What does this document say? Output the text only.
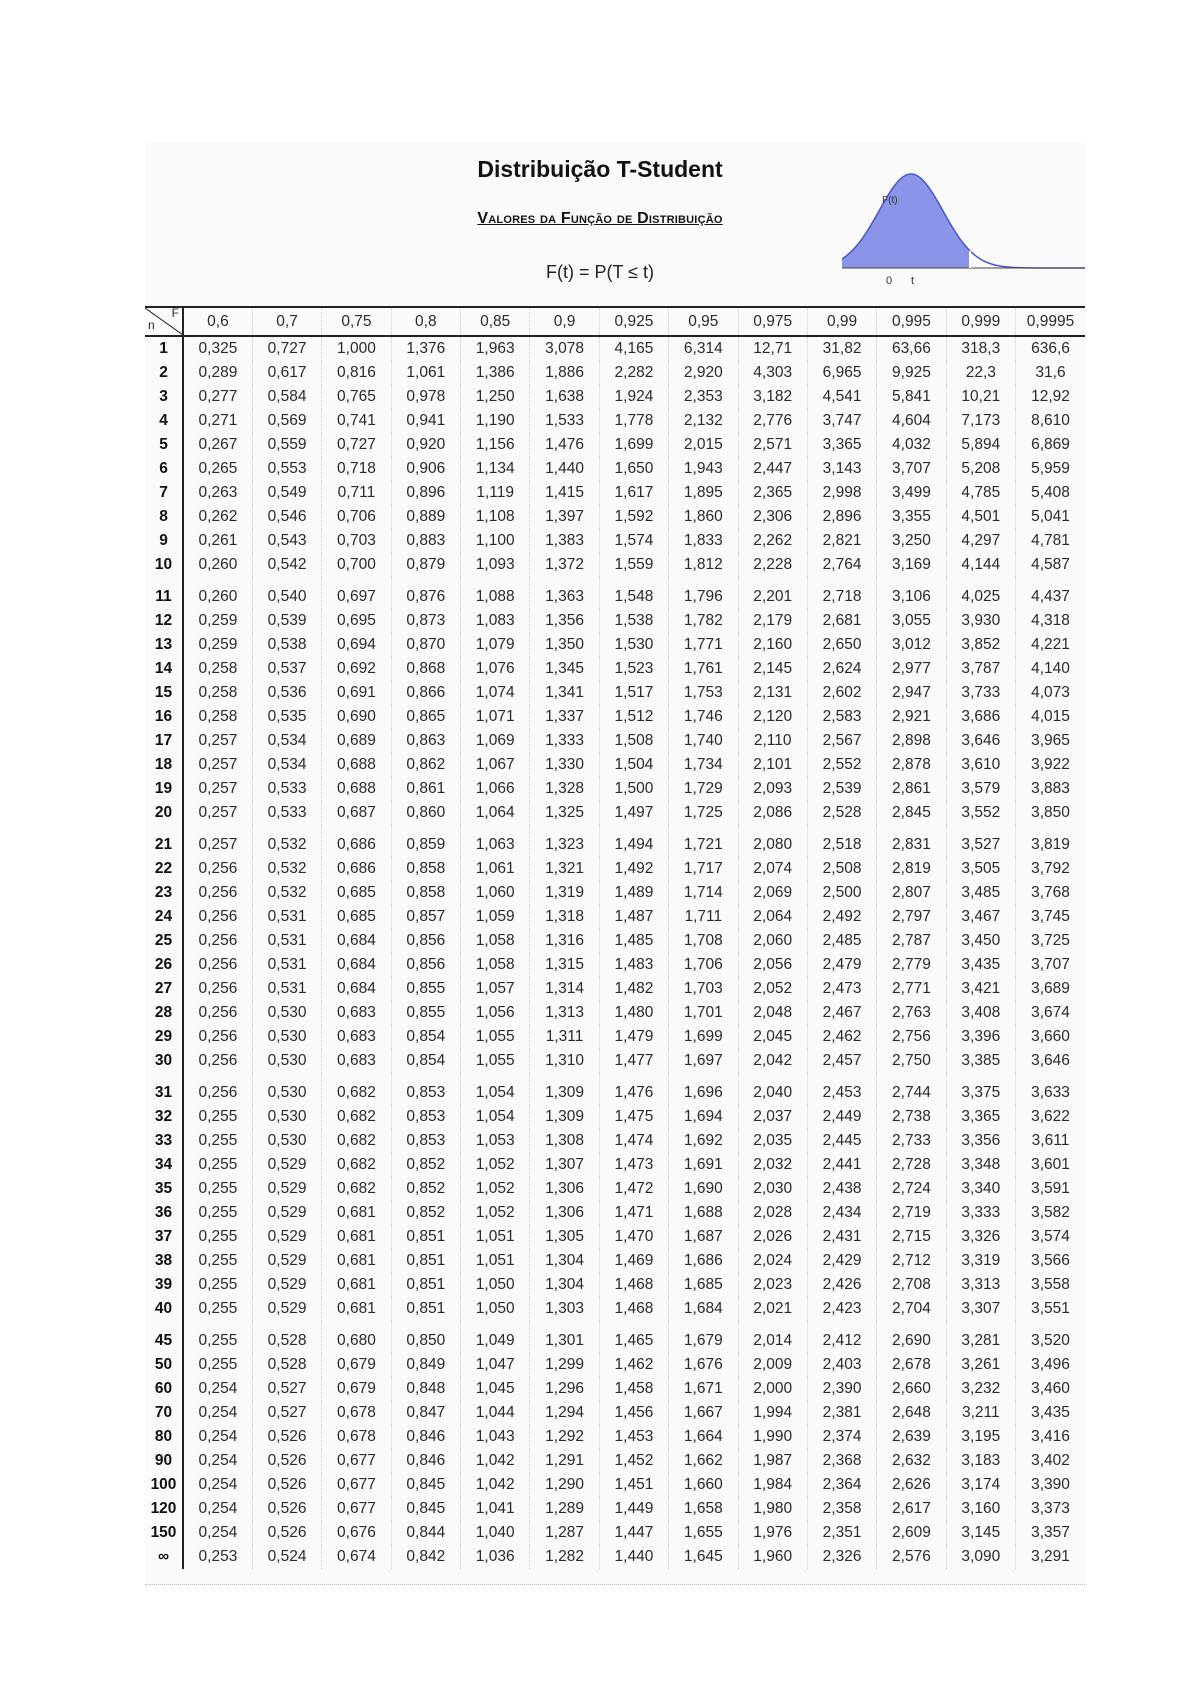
Distribuição T-Student
Valores da Função de Distribuição
F(t) = P(T ≤ t)
F(t)
0 t
F
n	0,6	0,7	0,75	0,8	0,85	0,9	0,925	0,95	0,975	0,99	0,995	0,999	0,9995
1	0,325	0,727	1,000	1,376	1,963	3,078	4,165	6,314	12,71	31,82	63,66	318,3	636,6
2	0,289	0,617	0,816	1,061	1,386	1,886	2,282	2,920	4,303	6,965	9,925	22,3	31,6
3	0,277	0,584	0,765	0,978	1,250	1,638	1,924	2,353	3,182	4,541	5,841	10,21	12,92
4	0,271	0,569	0,741	0,941	1,190	1,533	1,778	2,132	2,776	3,747	4,604	7,173	8,610
5	0,267	0,559	0,727	0,920	1,156	1,476	1,699	2,015	2,571	3,365	4,032	5,894	6,869
6	0,265	0,553	0,718	0,906	1,134	1,440	1,650	1,943	2,447	3,143	3,707	5,208	5,959
7	0,263	0,549	0,711	0,896	1,119	1,415	1,617	1,895	2,365	2,998	3,499	4,785	5,408
8	0,262	0,546	0,706	0,889	1,108	1,397	1,592	1,860	2,306	2,896	3,355	4,501	5,041
9	0,261	0,543	0,703	0,883	1,100	1,383	1,574	1,833	2,262	2,821	3,250	4,297	4,781
10	0,260	0,542	0,700	0,879	1,093	1,372	1,559	1,812	2,228	2,764	3,169	4,144	4,587
11	0,260	0,540	0,697	0,876	1,088	1,363	1,548	1,796	2,201	2,718	3,106	4,025	4,437
12	0,259	0,539	0,695	0,873	1,083	1,356	1,538	1,782	2,179	2,681	3,055	3,930	4,318
13	0,259	0,538	0,694	0,870	1,079	1,350	1,530	1,771	2,160	2,650	3,012	3,852	4,221
14	0,258	0,537	0,692	0,868	1,076	1,345	1,523	1,761	2,145	2,624	2,977	3,787	4,140
15	0,258	0,536	0,691	0,866	1,074	1,341	1,517	1,753	2,131	2,602	2,947	3,733	4,073
16	0,258	0,535	0,690	0,865	1,071	1,337	1,512	1,746	2,120	2,583	2,921	3,686	4,015
17	0,257	0,534	0,689	0,863	1,069	1,333	1,508	1,740	2,110	2,567	2,898	3,646	3,965
18	0,257	0,534	0,688	0,862	1,067	1,330	1,504	1,734	2,101	2,552	2,878	3,610	3,922
19	0,257	0,533	0,688	0,861	1,066	1,328	1,500	1,729	2,093	2,539	2,861	3,579	3,883
20	0,257	0,533	0,687	0,860	1,064	1,325	1,497	1,725	2,086	2,528	2,845	3,552	3,850
21	0,257	0,532	0,686	0,859	1,063	1,323	1,494	1,721	2,080	2,518	2,831	3,527	3,819
22	0,256	0,532	0,686	0,858	1,061	1,321	1,492	1,717	2,074	2,508	2,819	3,505	3,792
23	0,256	0,532	0,685	0,858	1,060	1,319	1,489	1,714	2,069	2,500	2,807	3,485	3,768
24	0,256	0,531	0,685	0,857	1,059	1,318	1,487	1,711	2,064	2,492	2,797	3,467	3,745
25	0,256	0,531	0,684	0,856	1,058	1,316	1,485	1,708	2,060	2,485	2,787	3,450	3,725
26	0,256	0,531	0,684	0,856	1,058	1,315	1,483	1,706	2,056	2,479	2,779	3,435	3,707
27	0,256	0,531	0,684	0,855	1,057	1,314	1,482	1,703	2,052	2,473	2,771	3,421	3,689
28	0,256	0,530	0,683	0,855	1,056	1,313	1,480	1,701	2,048	2,467	2,763	3,408	3,674
29	0,256	0,530	0,683	0,854	1,055	1,311	1,479	1,699	2,045	2,462	2,756	3,396	3,660
30	0,256	0,530	0,683	0,854	1,055	1,310	1,477	1,697	2,042	2,457	2,750	3,385	3,646
31	0,256	0,530	0,682	0,853	1,054	1,309	1,476	1,696	2,040	2,453	2,744	3,375	3,633
32	0,255	0,530	0,682	0,853	1,054	1,309	1,475	1,694	2,037	2,449	2,738	3,365	3,622
33	0,255	0,530	0,682	0,853	1,053	1,308	1,474	1,692	2,035	2,445	2,733	3,356	3,611
34	0,255	0,529	0,682	0,852	1,052	1,307	1,473	1,691	2,032	2,441	2,728	3,348	3,601
35	0,255	0,529	0,682	0,852	1,052	1,306	1,472	1,690	2,030	2,438	2,724	3,340	3,591
36	0,255	0,529	0,681	0,852	1,052	1,306	1,471	1,688	2,028	2,434	2,719	3,333	3,582
37	0,255	0,529	0,681	0,851	1,051	1,305	1,470	1,687	2,026	2,431	2,715	3,326	3,574
38	0,255	0,529	0,681	0,851	1,051	1,304	1,469	1,686	2,024	2,429	2,712	3,319	3,566
39	0,255	0,529	0,681	0,851	1,050	1,304	1,468	1,685	2,023	2,426	2,708	3,313	3,558
40	0,255	0,529	0,681	0,851	1,050	1,303	1,468	1,684	2,021	2,423	2,704	3,307	3,551
45	0,255	0,528	0,680	0,850	1,049	1,301	1,465	1,679	2,014	2,412	2,690	3,281	3,520
50	0,255	0,528	0,679	0,849	1,047	1,299	1,462	1,676	2,009	2,403	2,678	3,261	3,496
60	0,254	0,527	0,679	0,848	1,045	1,296	1,458	1,671	2,000	2,390	2,660	3,232	3,460
70	0,254	0,527	0,678	0,847	1,044	1,294	1,456	1,667	1,994	2,381	2,648	3,211	3,435
80	0,254	0,526	0,678	0,846	1,043	1,292	1,453	1,664	1,990	2,374	2,639	3,195	3,416
90	0,254	0,526	0,677	0,846	1,042	1,291	1,452	1,662	1,987	2,368	2,632	3,183	3,402
100	0,254	0,526	0,677	0,845	1,042	1,290	1,451	1,660	1,984	2,364	2,626	3,174	3,390
120	0,254	0,526	0,677	0,845	1,041	1,289	1,449	1,658	1,980	2,358	2,617	3,160	3,373
150	0,254	0,526	0,676	0,844	1,040	1,287	1,447	1,655	1,976	2,351	2,609	3,145	3,357
∞	0,253	0,524	0,674	0,842	1,036	1,282	1,440	1,645	1,960	2,326	2,576	3,090	3,291
